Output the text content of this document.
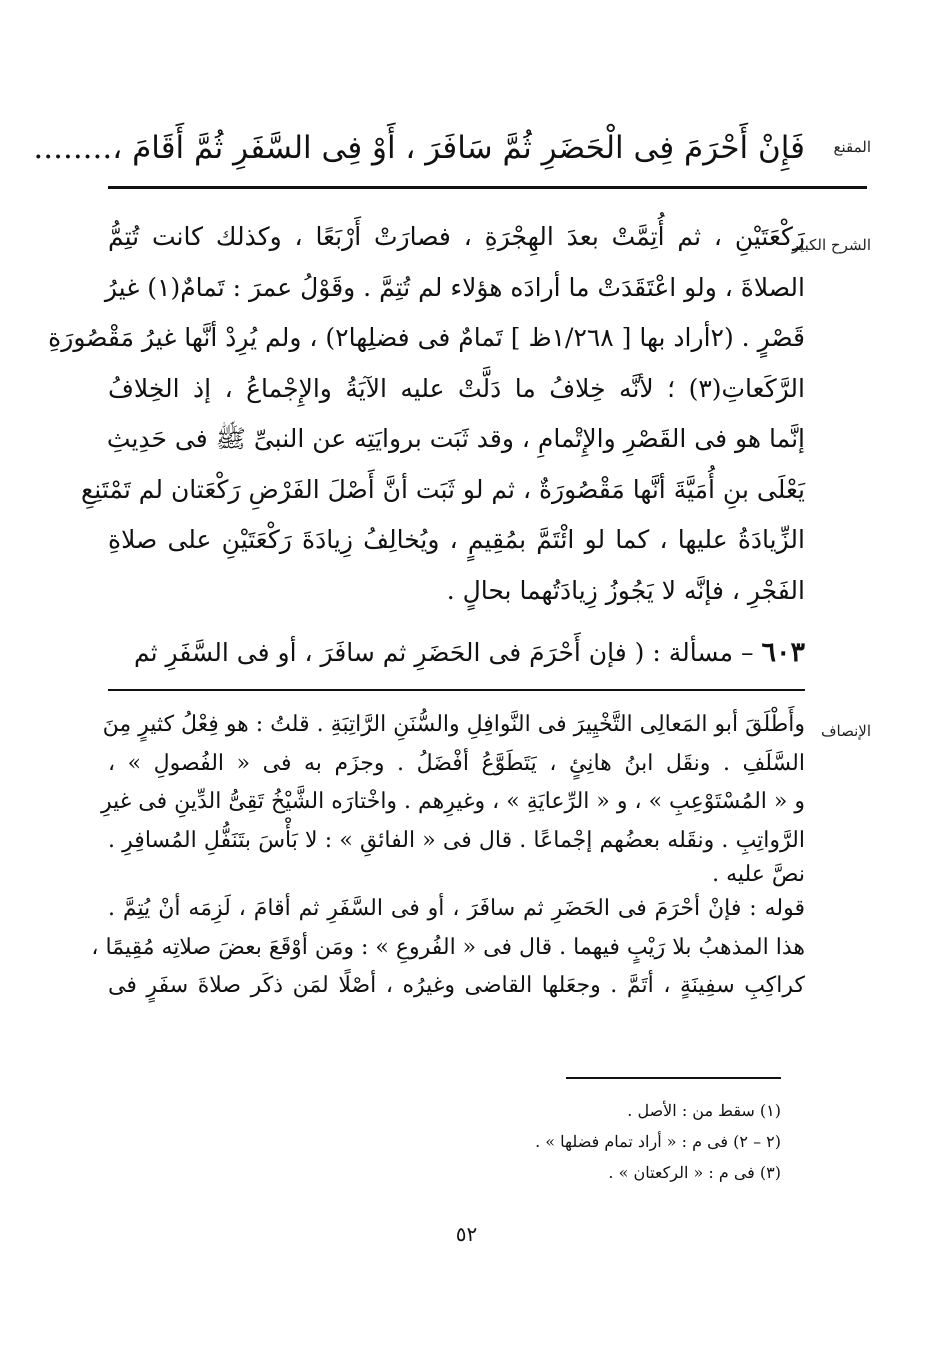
المقنع
فَإِنْ أَحْرَمَ فِى الْحَضَرِ ثُمَّ سَافَرَ ، أَوْ فِى السَّفَرِ ثُمَّ أَقَامَ ،........
الشرح الكبير
رَكْعَتَيْنِ ، ثم أُتِمَّتْ بعدَ الهِجْرَةِ ، فصارَتْ أَرْبَعًا ، وكذلك كانت تُتِمُّ
الصلاةَ ، ولو اعْتَقَدَتْ ما أرادَه هؤلاء لم تُتِمَّ . وقَوْلُ عمرَ : تَمامٌ(١) غيرُ
قَصْرٍ . (٢أراد بها [ ١/٢٦٨ظ ] تَمامٌ فى فضلِها٢) ، ولم يُرِدْ أنَّها غيرُ مَقْصُورَةِ
الرَّكَعاتِ(٣) ؛ لأنَّه خِلافُ ما دَلَّتْ عليه الآيَةُ والإِجْماعُ ، إذ الخِلافُ
إنَّما هو فى القَصْرِ والإِتْمامِ ، وقد ثَبَت بروايَتِه عن النبىِّ ﷺ فى حَدِيثِ
يَعْلَى بنِ أُمَيَّةَ أنَّها مَقْصُورَةٌ ، ثم لو ثَبَت أنَّ أَصْلَ الفَرْضِ رَكْعَتان لم تَمْتَنِعِ
الزِّيادَةُ عليها ، كما لو ائْتَمَّ بمُقِيمٍ ، ويُخالِفُ زِيادَةَ رَكْعَتَيْنِ على صلاةِ
الفَجْرِ ، فإنَّه لا يَجُوزُ زِيادَتُهما بحالٍ .
٦٠٣ – مسألة : ( فإن أَحْرَمَ فى الحَضَرِ ثم سافَرَ ، أو فى السَّفَرِ ثم
الإنصاف
وأَطْلَقَ أبو المَعالِى التَّخْيِيرَ فى النَّوافِلِ والسُّنَنِ الرَّاتِبَةِ . قلتُ : هو فِعْلُ كثيرٍ مِنَ
السَّلَفِ . ونقَل ابنُ هانِئٍ ، يَتَطَوَّعُ أفْضَلُ . وجزَم به فى « الفُصولِ » ،
و « المُسْتَوْعِبِ » ، و « الرِّعايَةِ » ، وغيرِهم . واخْتارَه الشَّيْخُ تَقِىُّ الدِّينِ فى غيرِ
الرَّواتِبِ . ونقَله بعضُهم إجْماعًا . قال فى « الفائقِ » : لا بَأْسَ بتَنَفُّلِ المُسافِرِ .
نصَّ عليه .
قوله : فإنْ أحْرَمَ فى الحَضَرِ ثم سافَرَ ، أو فى السَّفَرِ ثم أقامَ ، لَزِمَه أنْ يُتِمَّ .
هذا المذهبُ بلا رَيْبٍ فيهما . قال فى « الفُروعِ » : ومَن أوْقَعَ بعضَ صلاتِه مُقِيمًا ،
كراكِبِ سفِينَةٍ ، أتَمَّ . وجعَلها القاضى وغيرُه ، أصْلًا لمَن ذكَر صلاةَ سفَرٍ فى
(١) سقط من : الأصل .
(٢ – ٢) فى م : « أراد تمام فضلها » .
(٣) فى م : « الركعتان » .
٥٢
